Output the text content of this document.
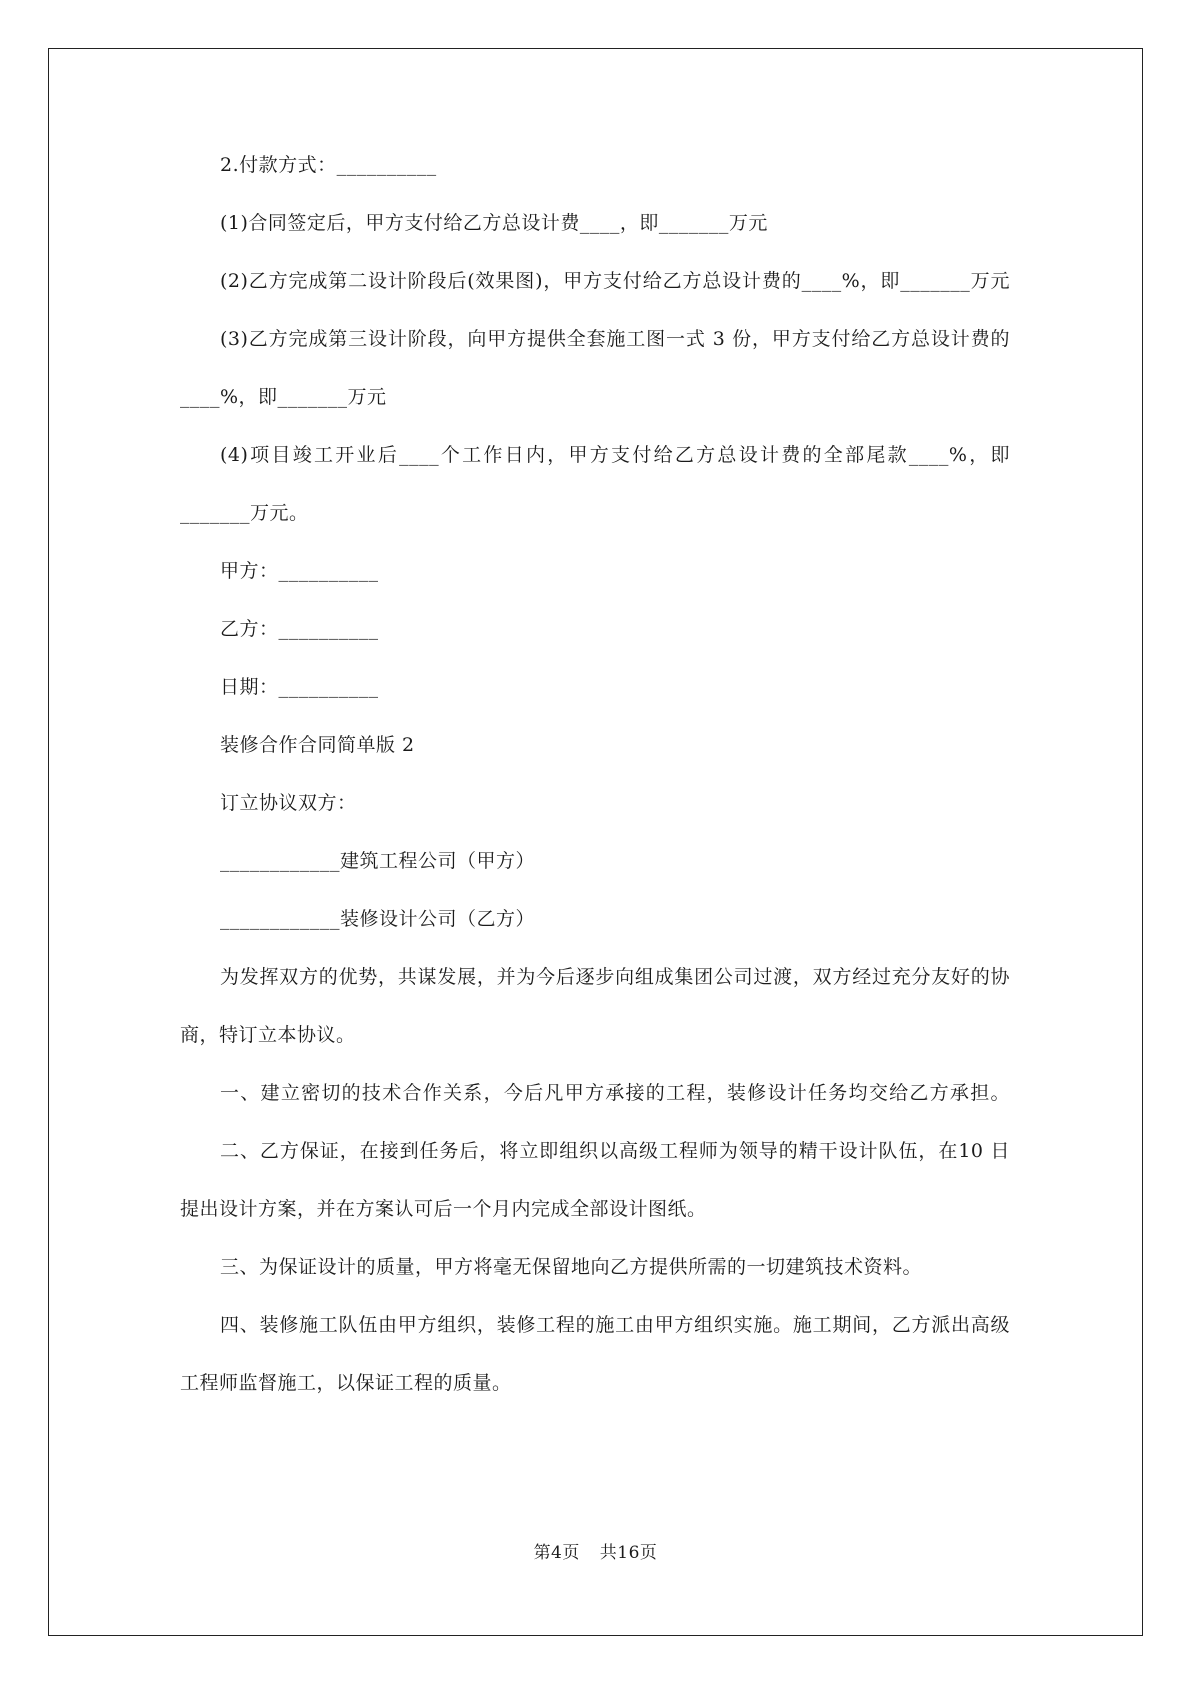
2.付款方式：__________
(1)合同签定后，甲方支付给乙方总设计费____，即_______万元
(2)乙方完成第二设计阶段后(效果图)，甲方支付给乙方总设计费的____%，即_______万元
(3)乙方完成第三设计阶段，向甲方提供全套施工图一式 3 份，甲方支付给乙方总设计费的
____%，即_______万元
(4)项目竣工开业后____个工作日内，甲方支付给乙方总设计费的全部尾款____%，即
_______万元。
甲方：__________
乙方：__________
日期：__________
装修合作合同简单版 2
订立协议双方：
____________建筑工程公司（甲方）
____________装修设计公司（乙方）
为发挥双方的优势，共谋发展，并为今后逐步向组成集团公司过渡，双方经过充分友好的协
商，特订立本协议。
一、建立密切的技术合作关系，今后凡甲方承接的工程，装修设计任务均交给乙方承担。
二、乙方保证，在接到任务后，将立即组织以高级工程师为领导的精干设计队伍，在10 日
提出设计方案，并在方案认可后一个月内完成全部设计图纸。
三、为保证设计的质量，甲方将毫无保留地向乙方提供所需的一切建筑技术资料。
四、装修施工队伍由甲方组织，装修工程的施工由甲方组织实施。施工期间，乙方派出高级
工程师监督施工，以保证工程的质量。
第4页 共16页
